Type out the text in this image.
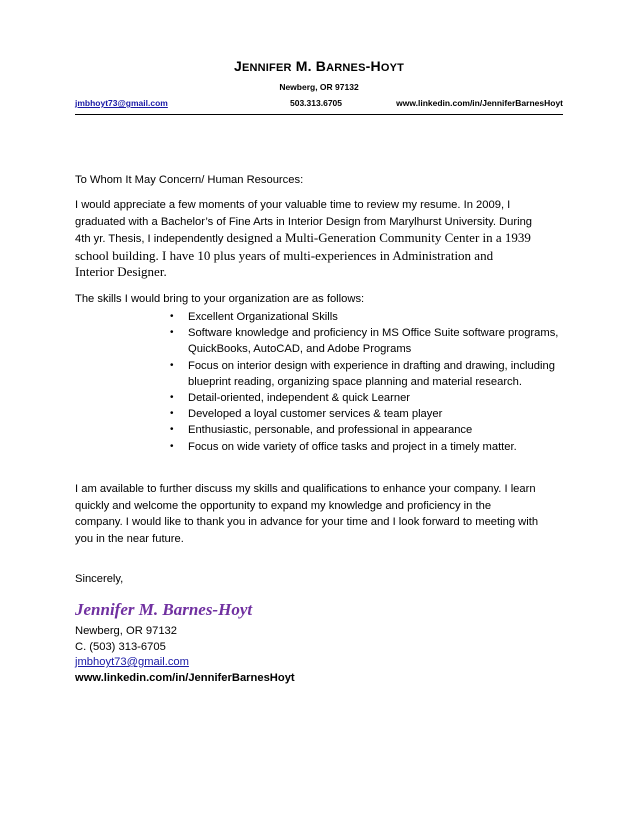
JENNIFER M. BARNES-HOYT
Newberg, OR 97132
jmbhoyt73@gmail.com	503.313.6705	www.linkedin.com/in/JenniferBarnesHoyt
To Whom It May Concern/ Human Resources:
I would appreciate a few moments of your valuable time to review my resume. In 2009, I
graduated with a Bachelor’s of Fine Arts in Interior Design from Marylhurst University. During
4th yr. Thesis, I independently designed a Multi-Generation Community Center in a 1939
school building. I have 10 plus years of multi-experiences in Administration and
Interior Designer.
The skills I would bring to your organization are as follows:
• Excellent Organizational Skills
• Software knowledge and proficiency in MS Office Suite software programs, QuickBooks, AutoCAD, and Adobe Programs
• Focus on interior design with experience in drafting and drawing, including blueprint reading, organizing space planning and material research.
• Detail-oriented, independent & quick Learner
• Developed a loyal customer services & team player
• Enthusiastic, personable, and professional in appearance
• Focus on wide variety of office tasks and project in a timely matter.
I am available to further discuss my skills and qualifications to enhance your company. I learn
quickly and welcome the opportunity to expand my knowledge and proficiency in the
company. I would like to thank you in advance for your time and I look forward to meeting with
you in the near future.
Sincerely,
Jennifer M. Barnes-Hoyt
Newberg, OR 97132
C. (503) 313-6705
jmbhoyt73@gmail.com
www.linkedin.com/in/JenniferBarnesHoyt
